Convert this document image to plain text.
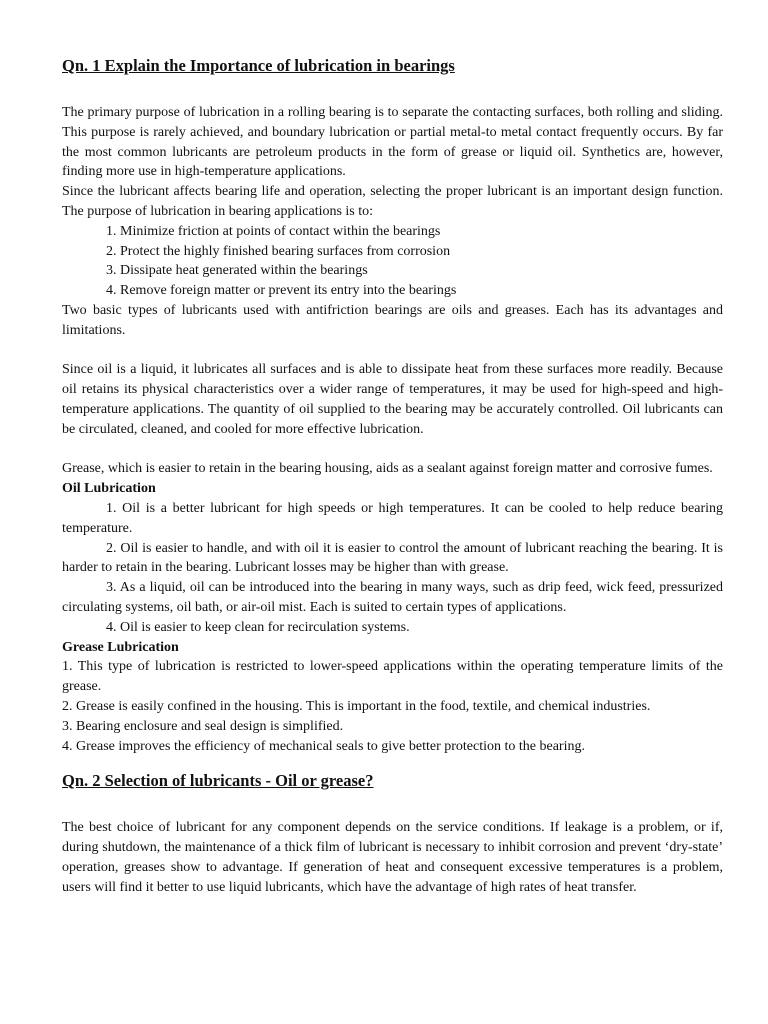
Qn. 1 Explain the Importance of lubrication in bearings

The primary purpose of lubrication in a rolling bearing is to separate the contacting surfaces, both rolling and sliding. This purpose is rarely achieved, and boundary lubrication or partial metal-to metal contact frequently occurs. By far the most common lubricants are petroleum products in the form of grease or liquid oil. Synthetics are, however, finding more use in high-temperature applications.

Since the lubricant affects bearing life and operation, selecting the proper lubricant is an important design function. The purpose of lubrication in bearing applications is to:

1. Minimize friction at points of contact within the bearings

2. Protect the highly finished bearing surfaces from corrosion

3. Dissipate heat generated within the bearings

4. Remove foreign matter or prevent its entry into the bearings

Two basic types of lubricants used with antifriction bearings are oils and greases. Each has its advantages and limitations.

Since oil is a liquid, it lubricates all surfaces and is able to dissipate heat from these surfaces more readily. Because oil retains its physical characteristics over a wider range of temperatures, it may be used for high-speed and high-temperature applications. The quantity of oil supplied to the bearing may be accurately controlled. Oil lubricants can be circulated, cleaned, and cooled for more effective lubrication.

Grease, which is easier to retain in the bearing housing, aids as a sealant against foreign matter and corrosive fumes.

Oil Lubrication

1. Oil is a better lubricant for high speeds or high temperatures. It can be cooled to help reduce bearing temperature.

2. Oil is easier to handle, and with oil it is easier to control the amount of lubricant reaching the bearing. It is harder to retain in the bearing. Lubricant losses may be higher than with grease.

3. As a liquid, oil can be introduced into the bearing in many ways, such as drip feed, wick feed, pressurized circulating systems, oil bath, or air-oil mist. Each is suited to certain types of applications.

4. Oil is easier to keep clean for recirculation systems.

Grease Lubrication

1. This type of lubrication is restricted to lower-speed applications within the operating temperature limits of the grease.

2. Grease is easily confined in the housing. This is important in the food, textile, and chemical industries.

3. Bearing enclosure and seal design is simplified.

4. Grease improves the efficiency of mechanical seals to give better protection to the bearing.

Qn. 2 Selection of lubricants - Oil or grease?

The best choice of lubricant for any component depends on the service conditions. If leakage is a problem, or if, during shutdown, the maintenance of a thick film of lubricant is necessary to inhibit corrosion and prevent ‘dry-state’ operation, greases show to advantage. If generation of heat and consequent excessive temperatures is a problem, users will find it better to use liquid lubricants, which have the advantage of high rates of heat transfer.
